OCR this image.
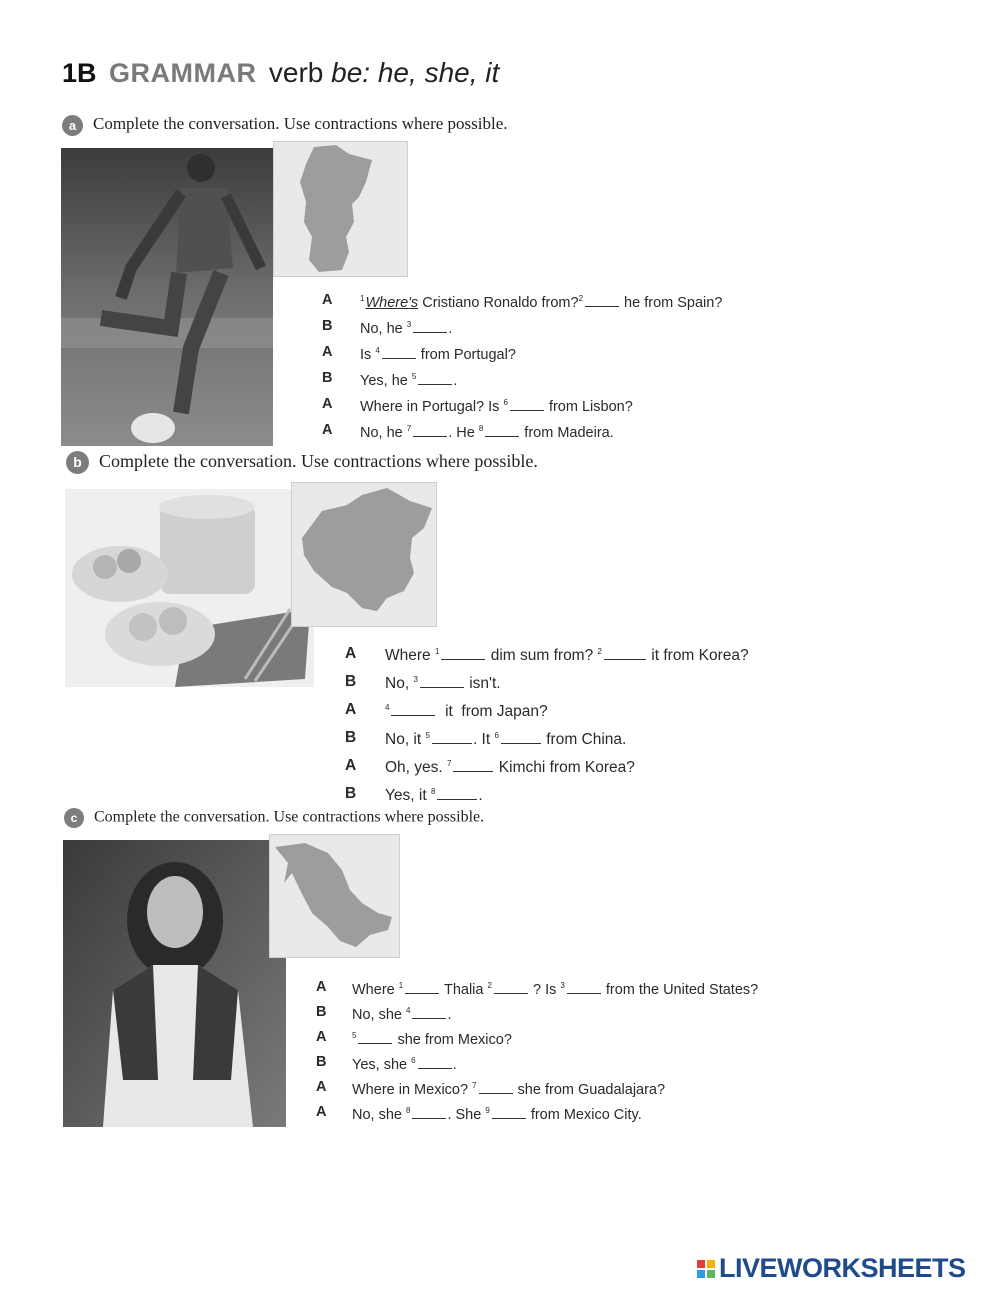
1B GRAMMAR verb be: he, she, it
a Complete the conversation. Use contractions where possible.
A	$^1$Where's Cristiano Ronaldo from?$^2$	he from Spain?
B	No, he $^3$	.
A	Is $^4$	from Portugal?
B	Yes, he $^5$	.
A	Where in Portugal? Is $^6$	from Lisbon?
A	No, he $^7$	. He $^8$	from Madeira.
b Complete the conversation. Use contractions where possible.
A	Where $^1$	dim sum from? $^2$	it from Korea?
B	No, $^3$	isn't.
A	$^4$	it  from Japan?
B	No, it $^5$	. It $^6$	from China.
A	Oh, yes. $^7$	Kimchi from Korea?
B	Yes, it $^8$	.
c Complete the conversation. Use contractions where possible.
A	Where $^1$	Thalia $^2$	? Is $^3$	from the United States?
B	No, she $^4$	.
A	$^5$	she from Mexico?
B	Yes, she $^6$	.
A	Where in Mexico? $^7$	she from Guadalajara?
A	No, she $^8$	. She $^9$	from Mexico City.
LIVEWORKSHEETS
